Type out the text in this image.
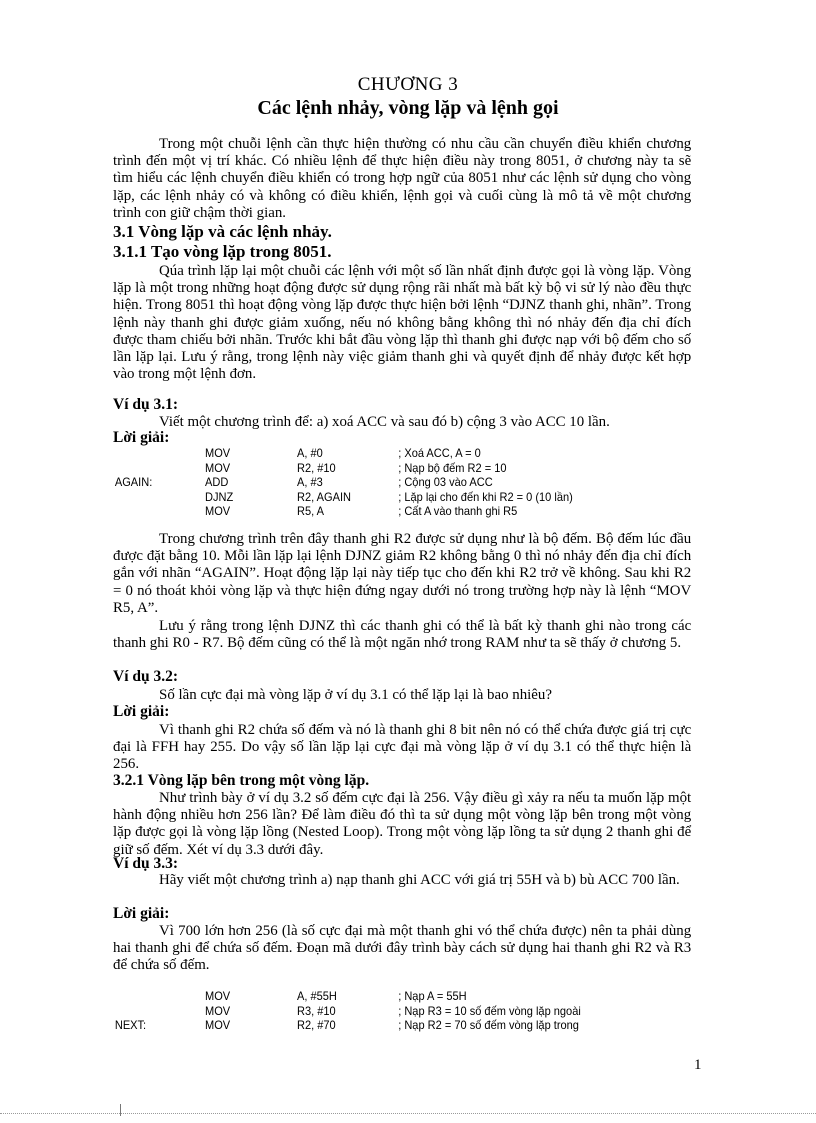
CHƯƠNG 3
Các lệnh nhảy, vòng lặp và lệnh gọi

Trong một chuỗi lệnh cần thực hiện thường có nhu cầu cần chuyển điều khiển chương trình đến một vị trí khác. Có nhiều lệnh để thực hiện điều này trong 8051, ở chương này ta sẽ tìm hiểu các lệnh chuyển điều khiển có trong hợp ngữ của 8051 như các lệnh sử dụng cho vòng lặp, các lệnh nhảy có và không có điều khiển, lệnh gọi và cuối cùng là mô tả về một chương trình con giữ chậm thời gian.

3.1 Vòng lặp và các lệnh nhảy.
3.1.1 Tạo vòng lặp trong 8051.

Qúa trình lặp lại một chuỗi các lệnh với một số lần nhất định được gọi là vòng lặp. Vòng lặp là một trong những hoạt động được sử dụng rộng rãi nhất mà bất kỳ bộ vi sử lý nào đều thực hiện. Trong 8051 thì hoạt động vòng lặp được thực hiện bởi lệnh “DJNZ thanh ghi, nhãn”. Trong lệnh này thanh ghi được giảm xuống, nếu nó không bằng không thì nó nhảy đến địa chỉ đích được tham chiếu bởi nhãn. Trước khi bắt đầu vòng lặp thì thanh ghi được nạp với bộ đếm cho số lần lặp lại. Lưu ý rằng, trong lệnh này việc giảm thanh ghi và quyết định để nhảy được kết hợp vào trong một lệnh đơn.

Ví dụ 3.1:

Viết một chương trình để: a) xoá ACC và sau đó b) cộng 3 vào ACC 10 lần.

Lời giải:
MOV	A, #0	; Xoá ACC, A = 0
MOV	R2, #10	; Nạp bộ đếm R2 = 10
AGAIN:	ADD	A, #3	; Cộng 03 vào ACC
DJNZ	R2, AGAIN	; Lặp lại cho đến khi R2 = 0 (10 lần)
MOV	R5, A	; Cất A vào thanh ghi R5

Trong chương trình trên đây thanh ghi R2 được sử dụng như là bộ đếm. Bộ đếm lúc đầu được đặt bằng 10. Mỗi lần lặp lại lệnh DJNZ giảm R2 không bằng 0 thì nó nhảy đến địa chỉ đích gắn với nhãn “AGAIN”. Hoạt động lặp lại này tiếp tục cho đến khi R2 trở về không. Sau khi R2 = 0 nó thoát khỏi vòng lặp và thực hiện đứng ngay dưới nó trong trường hợp này là lệnh “MOV R5, A”.

Lưu ý rằng trong lệnh DJNZ thì các thanh ghi có thể là bất kỳ thanh ghi nào trong các thanh ghi R0 - R7. Bộ đếm cũng có thể là một ngăn nhớ trong RAM như ta sẽ thấy ở chương 5.

Ví dụ 3.2:

Số lần cực đại mà vòng lặp ở ví dụ 3.1 có thể lặp lại là bao nhiêu?

Lời giải:

Vì thanh ghi R2 chứa số đếm và nó là thanh ghi 8 bit nên nó có thể chứa được giá trị cực đại là FFH hay 255. Do vậy số lần lặp lại cực đại mà vòng lặp ở ví dụ 3.1 có thể thực hiện là 256.

3.2.1 Vòng lặp bên trong một vòng lặp.

Như trình bày ở ví dụ 3.2 số đếm cực đại là 256. Vậy điều gì xảy ra nếu ta muốn lặp một hành động nhiều hơn 256 lần? Để làm điều đó thì ta sử dụng một vòng lặp bên trong một vòng lặp được gọi là vòng lặp lồng (Nested Loop). Trong một vòng lặp lồng ta sử dụng 2 thanh ghi để giữ số đếm. Xét ví dụ 3.3 dưới đây.

Ví dụ 3.3:

Hãy viết một chương trình a) nạp thanh ghi ACC với giá trị 55H và b) bù ACC 700 lần.

Lời giải:

Vì 700 lớn hơn 256 (là số cực đại mà một thanh ghi vó thể chứa được) nên ta phải dùng hai thanh ghi để chứa số đếm. Đoạn mã dưới đây trình bày cách sử dụng hai thanh ghi R2 và R3 để chứa số đếm.

MOV	A, #55H	; Nạp A = 55H
MOV	R3, #10	; Nạp R3 = 10 số đếm vòng lặp ngoài
NEXT:	MOV	R2, #70	; Nạp R2 = 70 số đếm vòng lặp trong
1
